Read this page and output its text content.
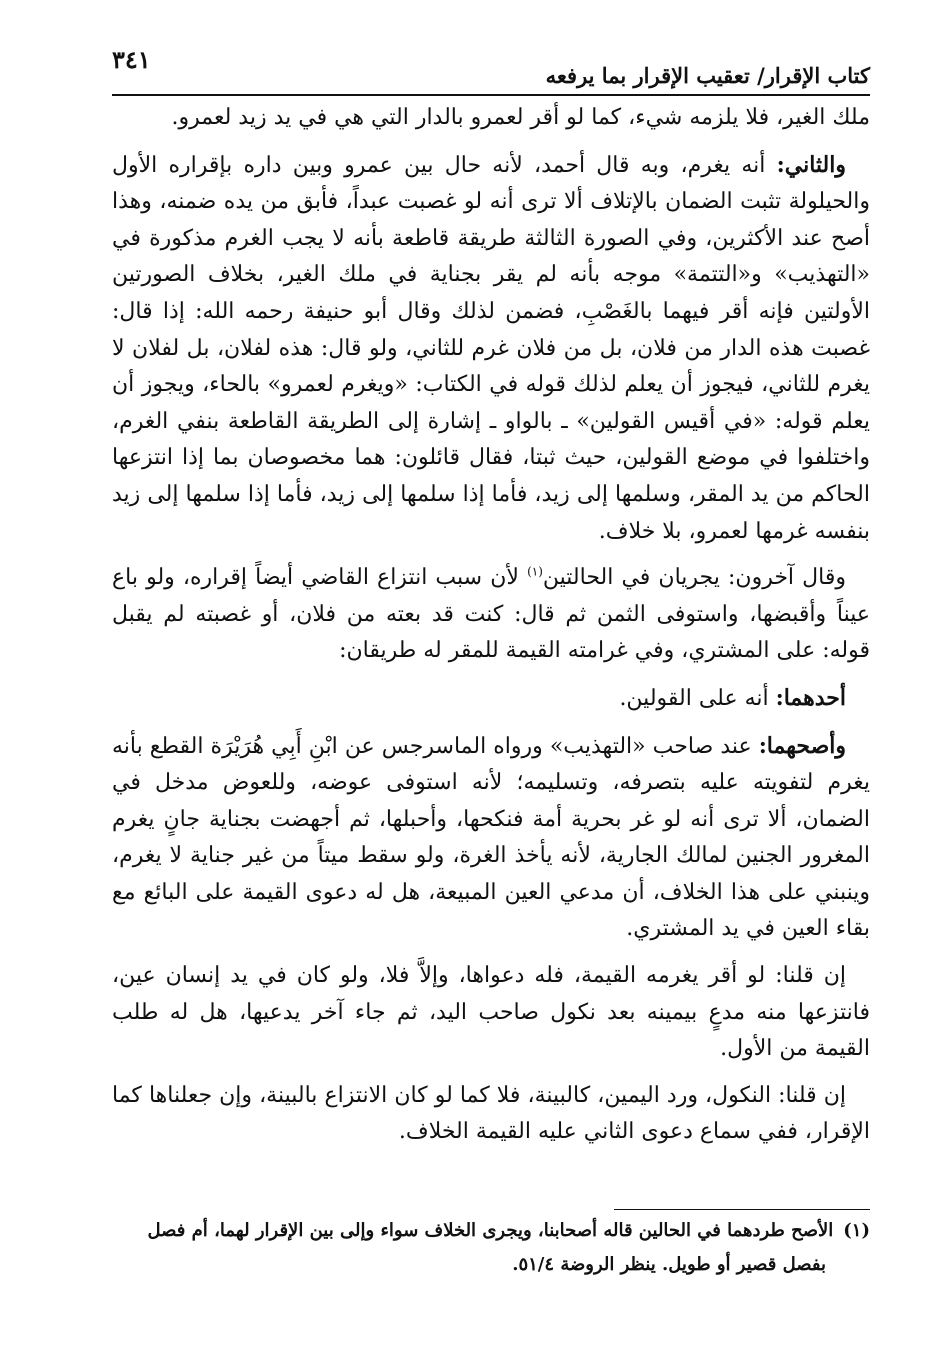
٣٤١
كتاب الإقرار/ تعقيب الإقرار بما يرفعه

ملك الغير، فلا يلزمه شيء، كما لو أقر لعمرو بالدار التي هي في يد زيد لعمرو.

والثاني: أنه يغرم، وبه قال أحمد، لأنه حال بين عمرو وبين داره بإقراره الأول والحيلولة تثبت الضمان بالإتلاف ألا ترى أنه لو غصبت عبداً، فأبق من يده ضمنه، وهذا أصح عند الأكثرين، وفي الصورة الثالثة طريقة قاطعة بأنه لا يجب الغرم مذكورة في «التهذيب» و«التتمة» موجه بأنه لم يقر بجناية في ملك الغير، بخلاف الصورتين الأولتين فإنه أقر فيهما بالغَصْبِ، فضمن لذلك وقال أبو حنيفة رحمه الله: إذا قال: غصبت هذه الدار من فلان، بل من فلان غرم للثاني، ولو قال: هذه لفلان، بل لفلان لا يغرم للثاني، فيجوز أن يعلم لذلك قوله في الكتاب: «ويغرم لعمرو» بالحاء، ويجوز أن يعلم قوله: «في أقيس القولين» ـ بالواو ـ إشارة إلى الطريقة القاطعة بنفي الغرم، واختلفوا في موضع القولين، حيث ثبتا، فقال قائلون: هما مخصوصان بما إذا انتزعها الحاكم من يد المقر، وسلمها إلى زيد، فأما إذا سلمها إلى زيد، فأما إذا سلمها إلى زيد بنفسه غرمها لعمرو، بلا خلاف.

وقال آخرون: يجريان في الحالتين$^{(١)}$ لأن سبب انتزاع القاضي أيضاً إقراره، ولو باع عيناً وأقبضها، واستوفى الثمن ثم قال: كنت قد بعته من فلان، أو غصبته لم يقبل قوله: على المشتري، وفي غرامته القيمة للمقر له طريقان:

أحدهما: أنه على القولين.

وأصحهما: عند صاحب «التهذيب» ورواه الماسرجس عن ابْنِ أَبِي هُرَيْرَة القطع بأنه يغرم لتفويته عليه بتصرفه، وتسليمه؛ لأنه استوفى عوضه، وللعوض مدخل في الضمان، ألا ترى أنه لو غر بحرية أمة فنكحها، وأحبلها، ثم أجهضت بجناية جانٍ يغرم المغرور الجنين لمالك الجارية، لأنه يأخذ الغرة، ولو سقط ميتاً من غير جناية لا يغرم، وينبني على هذا الخلاف، أن مدعي العين المبيعة، هل له دعوى القيمة على البائع مع بقاء العين في يد المشتري.

إن قلنا: لو أقر يغرمه القيمة، فله دعواها، وإلاَّ فلا، ولو كان في يد إنسان عين، فانتزعها منه مدعٍ بيمينه بعد نكول صاحب اليد، ثم جاء آخر يدعيها، هل له طلب القيمة من الأول.

إن قلنا: النكول، ورد اليمين، كالبينة، فلا كما لو كان الانتزاع بالبينة، وإن جعلناها كما الإقرار، ففي سماع دعوى الثاني عليه القيمة الخلاف.

(١)الأصح طردهما في الحالين قاله أصحابنا، ويجرى الخلاف سواء وإلى بين الإقرار لهما، أم فصل
بفصل قصير أو طويل. ينظر الروضة ٥١/٤.
